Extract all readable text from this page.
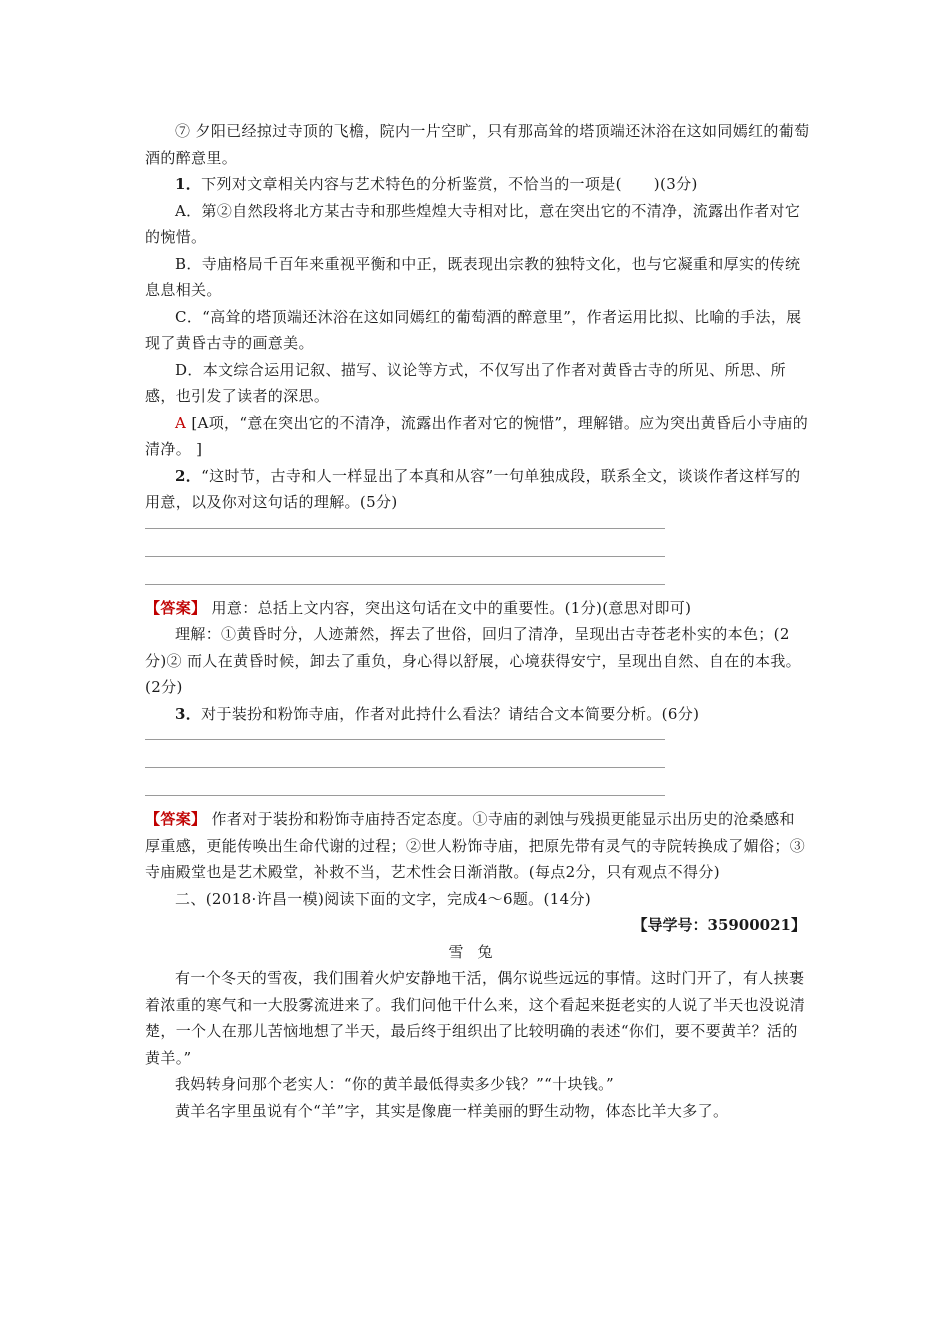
⑦ 夕阳已经掠过寺顶的飞檐，院内一片空旷，只有那高耸的塔顶端还沐浴在这如同嫣红的葡萄酒的醉意里。

1．下列对文章相关内容与艺术特色的分析鉴赏，不恰当的一项是( )(3分)

A．第②自然段将北方某古寺和那些煌煌大寺相对比，意在突出它的不清净，流露出作者对它的惋惜。

B．寺庙格局千百年来重视平衡和中正，既表现出宗教的独特文化，也与它凝重和厚实的传统息息相关。

C．“高耸的塔顶端还沐浴在这如同嫣红的葡萄酒的醉意里”，作者运用比拟、比喻的手法，展现了黄昏古寺的画意美。

D．本文综合运用记叙、描写、议论等方式，不仅写出了作者对黄昏古寺的所见、所思、所感，也引发了读者的深思。

A [A项，“意在突出它的不清净，流露出作者对它的惋惜”，理解错。应为突出黄昏后小寺庙的清净。 ]

2．“这时节，古寺和人一样显出了本真和从容”一句单独成段，联系全文，谈谈作者这样写的用意，以及你对这句话的理解。(5分)

【答案】 用意：总括上文内容，突出这句话在文中的重要性。(1分)(意思对即可)

理解：①黄昏时分，人迹萧然，挥去了世俗，回归了清净，呈现出古寺苍老朴实的本色；(2分)② 而人在黄昏时候，卸去了重负，身心得以舒展，心境获得安宁，呈现出自然、自在的本我。(2分)

3．对于装扮和粉饰寺庙，作者对此持什么看法？请结合文本简要分析。(6分)

【答案】 作者对于装扮和粉饰寺庙持否定态度。①寺庙的剥蚀与残损更能显示出历史的沧桑感和厚重感，更能传唤出生命代谢的过程；②世人粉饰寺庙，把原先带有灵气的寺院转换成了媚俗；③寺庙殿堂也是艺术殿堂，补救不当，艺术性会日渐消散。(每点2分，只有观点不得分)

二、(2018·许昌一模)阅读下面的文字，完成4～6题。(14分)

【导学号：35900021】

雪兔

有一个冬天的雪夜，我们围着火炉安静地干活，偶尔说些远远的事情。这时门开了，有人挟裹着浓重的寒气和一大股雾流进来了。我们问他干什么来，这个看起来挺老实的人说了半天也没说清楚，一个人在那儿苦恼地想了半天，最后终于组织出了比较明确的表述“你们，要不要黄羊？活的黄羊。”

我妈转身问那个老实人：“你的黄羊最低得卖多少钱？”“十块钱。”

黄羊名字里虽说有个“羊”字，其实是像鹿一样美丽的野生动物，体态比羊大多了。
